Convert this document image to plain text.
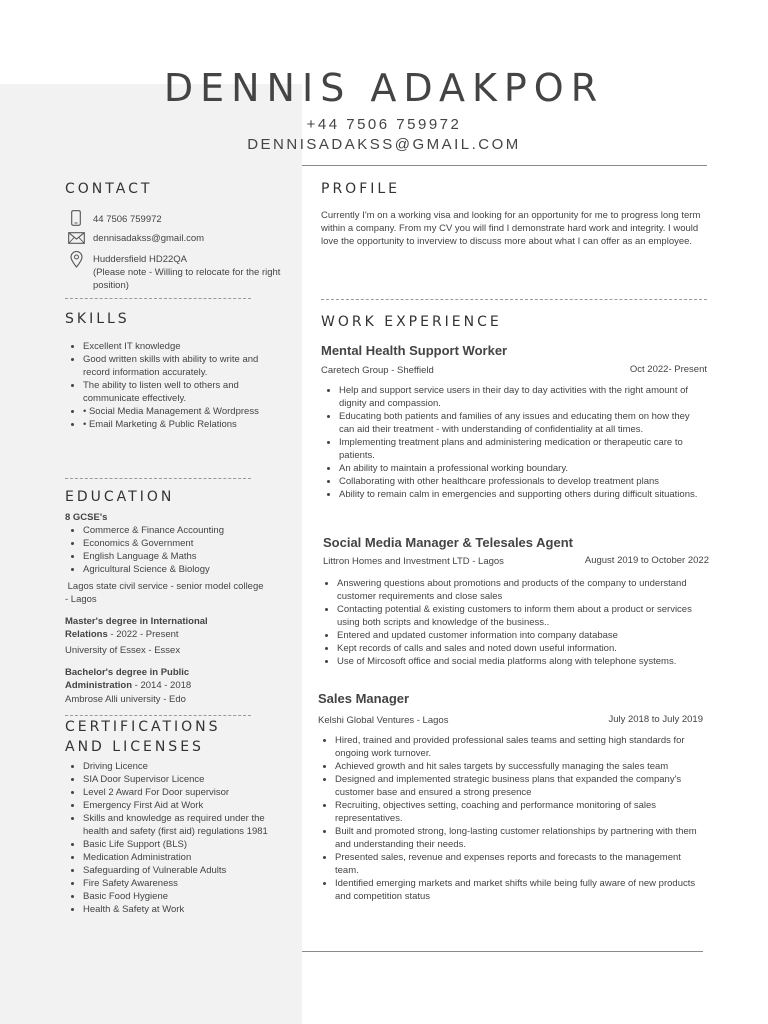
DENNIS ADAKPOR
+44 7506 759972
DENNISADAKSS@GMAIL.COM
CONTACT
44 7506 759972
dennisadakss@gmail.com
Huddersfield HD22QA
(Please note - Willing to relocate for the right position)
SKILLS
Excellent IT knowledge
Good written skills with ability to write and record information accurately.
The ability to listen well to others and communicate effectively.
• Social Media Management & Wordpress
• Email Marketing & Public Relations
EDUCATION
8 GCSE's
Commerce & Finance Accounting
Economics & Government
English Language & Maths
Agricultural Science & Biology
Lagos state civil service - senior model college - Lagos
Master's degree in International Relations - 2022 - Present
University of Essex - Essex
Bachelor's degree in Public Administration - 2014 - 2018
Ambrose Alli university - Edo
CERTIFICATIONS
AND LICENSES
Driving Licence
SIA Door Supervisor Licence
Level 2 Award For Door supervisor
Emergency First Aid at Work
Skills and knowledge as required under the health and safety (first aid) regulations 1981
Basic Life Support (BLS)
Medication Administration
Safeguarding of Vulnerable Adults
Fire Safety Awareness
Basic Food Hygiene
Health & Safety at Work
PROFILE
Currently I'm on a working visa and looking for an opportunity for me to progress long term within a company. From my CV you will find I demonstrate hard work and integrity. I would love the opportunity to inverview to discuss more about what I can offer as an employee.
WORK EXPERIENCE
Mental Health Support Worker
Caretech Group - Sheffield	Oct 2022- Present
Help and support service users in their day to day activities with the right amount of dignity and compassion.
Educating both patients and families of any issues and educating them on how they can aid their treatment - with understanding of confidentiality at all times.
Implementing treatment plans and administering medication or therapeutic care to patients.
An ability to maintain a professional working boundary.
Collaborating with other healthcare professionals to develop treatment plans
Ability to remain calm in emergencies and supporting others during difficult situations.
Social Media Manager & Telesales Agent
Littron Homes and Investment LTD - Lagos	August 2019 to October 2022
Answering questions about promotions and products of the company to understand customer requirements and close sales
Contacting potential & existing customers to inform them about a product or services using both scripts and knowledge of the business..
Entered and updated customer information into company database
Kept records of calls and sales and noted down useful information.
Use of Mircosoft office and social media platforms along with telephone systems.
Sales Manager
Kelshi Global Ventures - Lagos	July 2018 to July 2019
Hired, trained and provided professional sales teams and setting high standards for ongoing work turnover.
Achieved growth and hit sales targets by successfully managing the sales team
Designed and implemented strategic business plans that expanded the company's customer base and ensured a strong presence
Recruiting, objectives setting, coaching and performance monitoring of sales representatives.
Built and promoted strong, long-lasting customer relationships by partnering with them and understanding their needs.
Presented sales, revenue and expenses reports and forecasts to the management team.
Identified emerging markets and market shifts while being fully aware of new products and competition status
